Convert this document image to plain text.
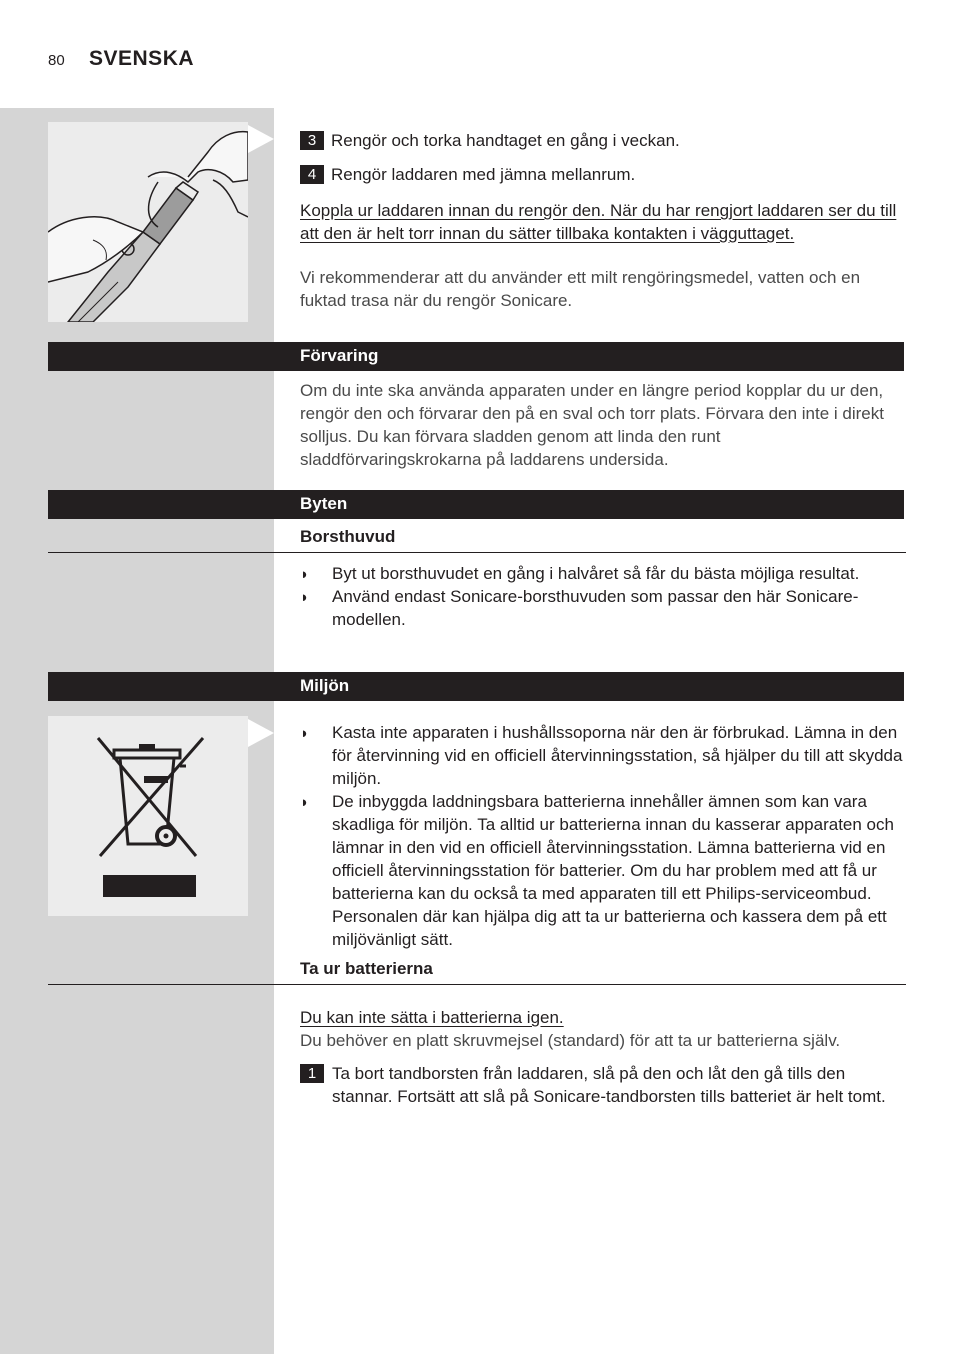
80 SVENSKA
3 Rengör och torka handtaget en gång i veckan.
4 Rengör laddaren med jämna mellanrum.
Koppla ur laddaren innan du rengör den. När du har rengjort laddaren ser du till att den är helt torr innan du sätter tillbaka kontakten i vägguttaget.
Vi rekommenderar att du använder ett milt rengöringsmedel, vatten och en fuktad trasa när du rengör Sonicare.
Förvaring
Om du inte ska använda apparaten under en längre period kopplar du ur den, rengör den och förvarar den på en sval och torr plats. Förvara den inte i direkt solljus. Du kan förvara sladden genom att linda den runt sladdförvaringskrokarna på laddarens undersida.
Byten
Borsthuvud
◗ Byt ut borsthuvudet en gång i halvåret så får du bästa möjliga resultat.
◗ Använd endast Sonicare-borsthuvuden som passar den här Sonicare-modellen.
Miljön
◗ Kasta inte apparaten i hushållssoporna när den är förbrukad. Lämna in den för återvinning vid en officiell återvinningsstation, så hjälper du till att skydda miljön.
◗ De inbyggda laddningsbara batterierna innehåller ämnen som kan vara skadliga för miljön. Ta alltid ur batterierna innan du kasserar apparaten och lämnar in den vid en officiell återvinningsstation. Lämna batterierna vid en officiell återvinningsstation för batterier. Om du har problem med att få ur batterierna kan du också ta med apparaten till ett Philips-serviceombud. Personalen där kan hjälpa dig att ta ur batterierna och kassera dem på ett miljövänligt sätt.
Ta ur batterierna
Du kan inte sätta i batterierna igen.
Du behöver en platt skruvmejsel (standard) för att ta ur batterierna själv.
1 Ta bort tandborsten från laddaren, slå på den och låt den gå tills den stannar. Fortsätt att slå på Sonicare-tandborsten tills batteriet är helt tomt.
